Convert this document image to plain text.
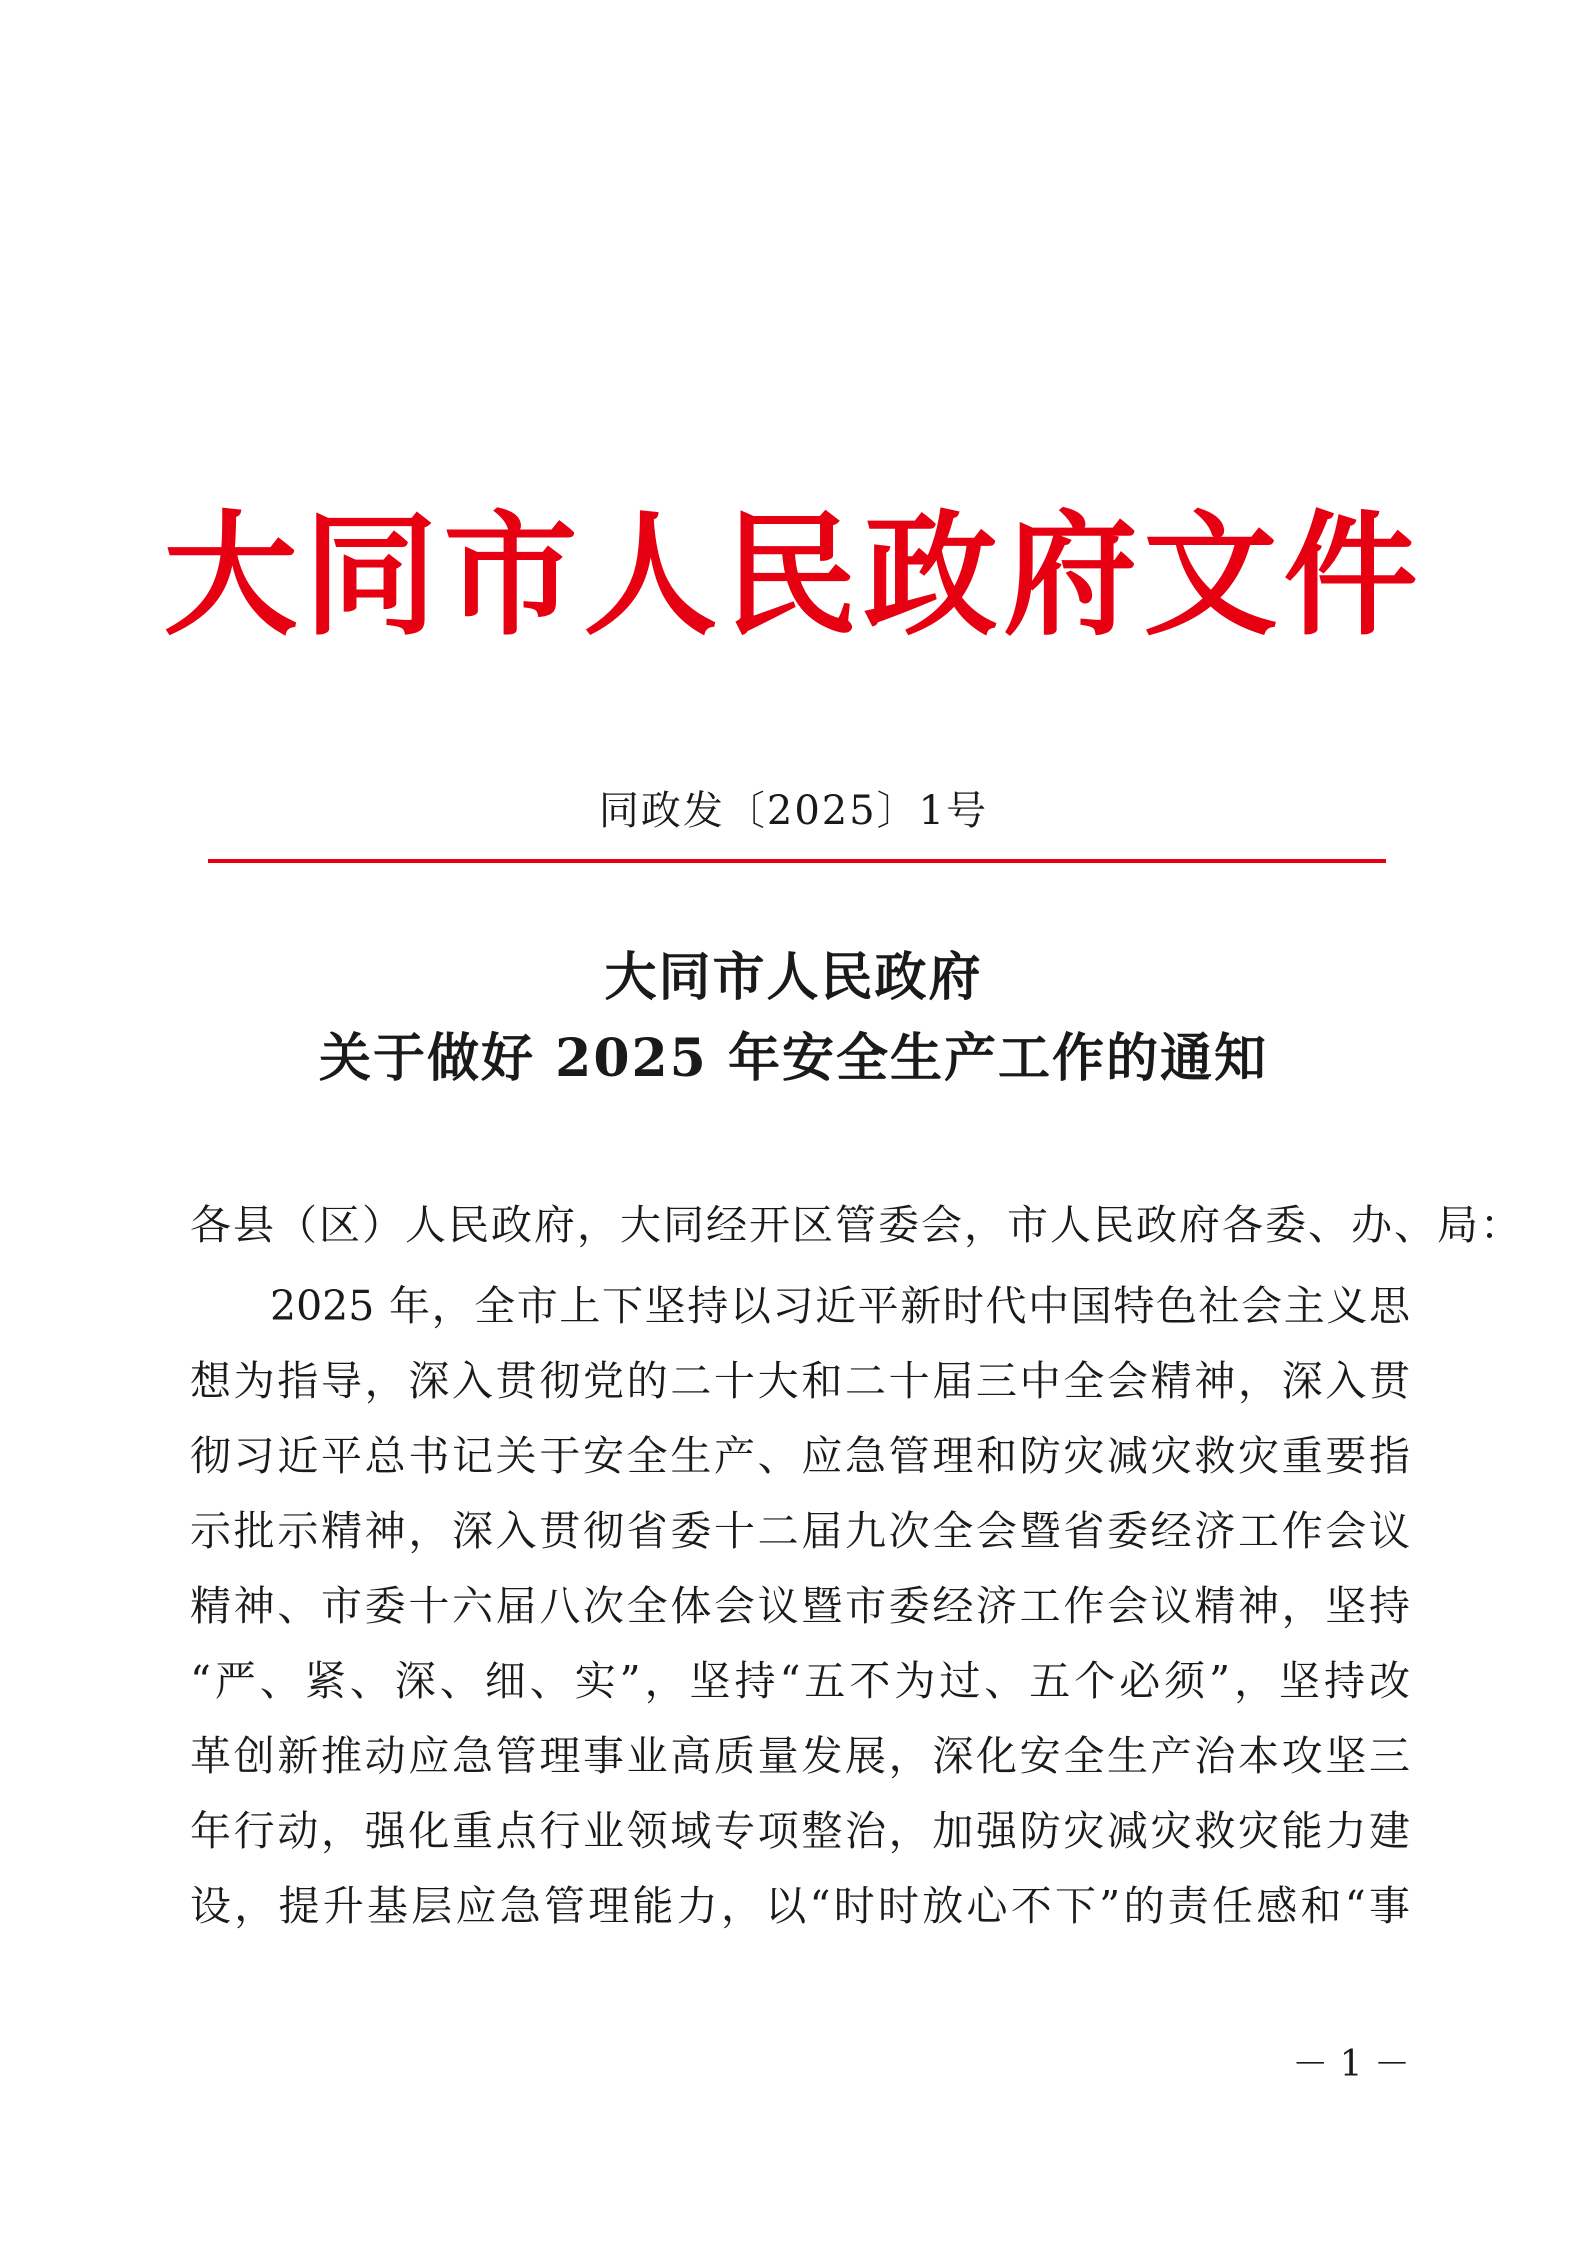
大同市人民政府文件
同政发〔2025〕1号
大同市人民政府
关于做好 2025 年安全生产工作的通知
各县（区）人民政府，大同经开区管委会，市人民政府各委、办、局：
2025 年，全市上下坚持以习近平新时代中国特色社会主义思
想为指导，深入贯彻党的二十大和二十届三中全会精神，深入贯
彻习近平总书记关于安全生产、应急管理和防灾减灾救灾重要指
示批示精神，深入贯彻省委十二届九次全会暨省委经济工作会议
精神、市委十六届八次全体会议暨市委经济工作会议精神，坚持
“严、紧、深、细、实”，坚持“五不为过、五个必须”，坚持改
革创新推动应急管理事业高质量发展，深化安全生产治本攻坚三
年行动，强化重点行业领域专项整治，加强防灾减灾救灾能力建
设，提升基层应急管理能力，以“时时放心不下”的责任感和“事
－ 1 －
